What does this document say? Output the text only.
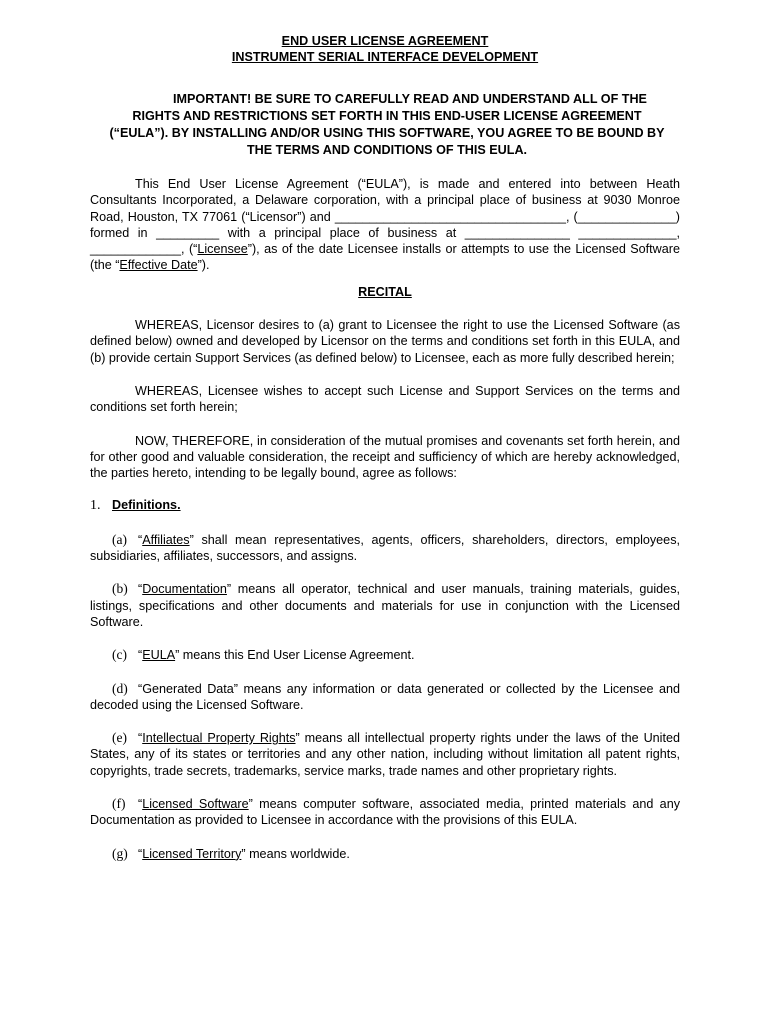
END USER LICENSE AGREEMENT
INSTRUMENT SERIAL INTERFACE DEVELOPMENT

IMPORTANT! BE SURE TO CAREFULLY READ AND UNDERSTAND ALL OF THE RIGHTS AND RESTRICTIONS SET FORTH IN THIS END-USER LICENSE AGREEMENT (“EULA”). BY INSTALLING AND/OR USING THIS SOFTWARE, YOU AGREE TO BE BOUND BY THE TERMS AND CONDITIONS OF THIS EULA.

This End User License Agreement (“EULA”), is made and entered into between Heath Consultants Incorporated, a Delaware corporation, with a principal place of business at 9030 Monroe Road, Houston, TX 77061 (“Licensor”) and _________________________________, (______________) formed in _________ with a principal place of business at _______________ ______________, _____________, (“Licensee”), as of the date Licensee installs or attempts to use the Licensed Software (the “Effective Date”).

RECITAL

WHEREAS, Licensor desires to (a) grant to Licensee the right to use the Licensed Software (as defined below) owned and developed by Licensor on the terms and conditions set forth in this EULA, and (b) provide certain Support Services (as defined below) to Licensee, each as more fully described herein;

WHEREAS, Licensee wishes to accept such License and Support Services on the terms and conditions set forth herein;

NOW, THEREFORE, in consideration of the mutual promises and covenants set forth herein, and for other good and valuable consideration, the receipt and sufficiency of which are hereby acknowledged, the parties hereto, intending to be legally bound, agree as follows:

1. Definitions.

(a) “Affiliates” shall mean representatives, agents, officers, shareholders, directors, employees, subsidiaries, affiliates, successors, and assigns.

(b) “Documentation” means all operator, technical and user manuals, training materials, guides, listings, specifications and other documents and materials for use in conjunction with the Licensed Software.

(c) “EULA” means this End User License Agreement.

(d) “Generated Data” means any information or data generated or collected by the Licensee and decoded using the Licensed Software.

(e) “Intellectual Property Rights” means all intellectual property rights under the laws of the United States, any of its states or territories and any other nation, including without limitation all patent rights, copyrights, trade secrets, trademarks, service marks, trade names and other proprietary rights.

(f) “Licensed Software” means computer software, associated media, printed materials and any Documentation as provided to Licensee in accordance with the provisions of this EULA.

(g) “Licensed Territory” means worldwide.
